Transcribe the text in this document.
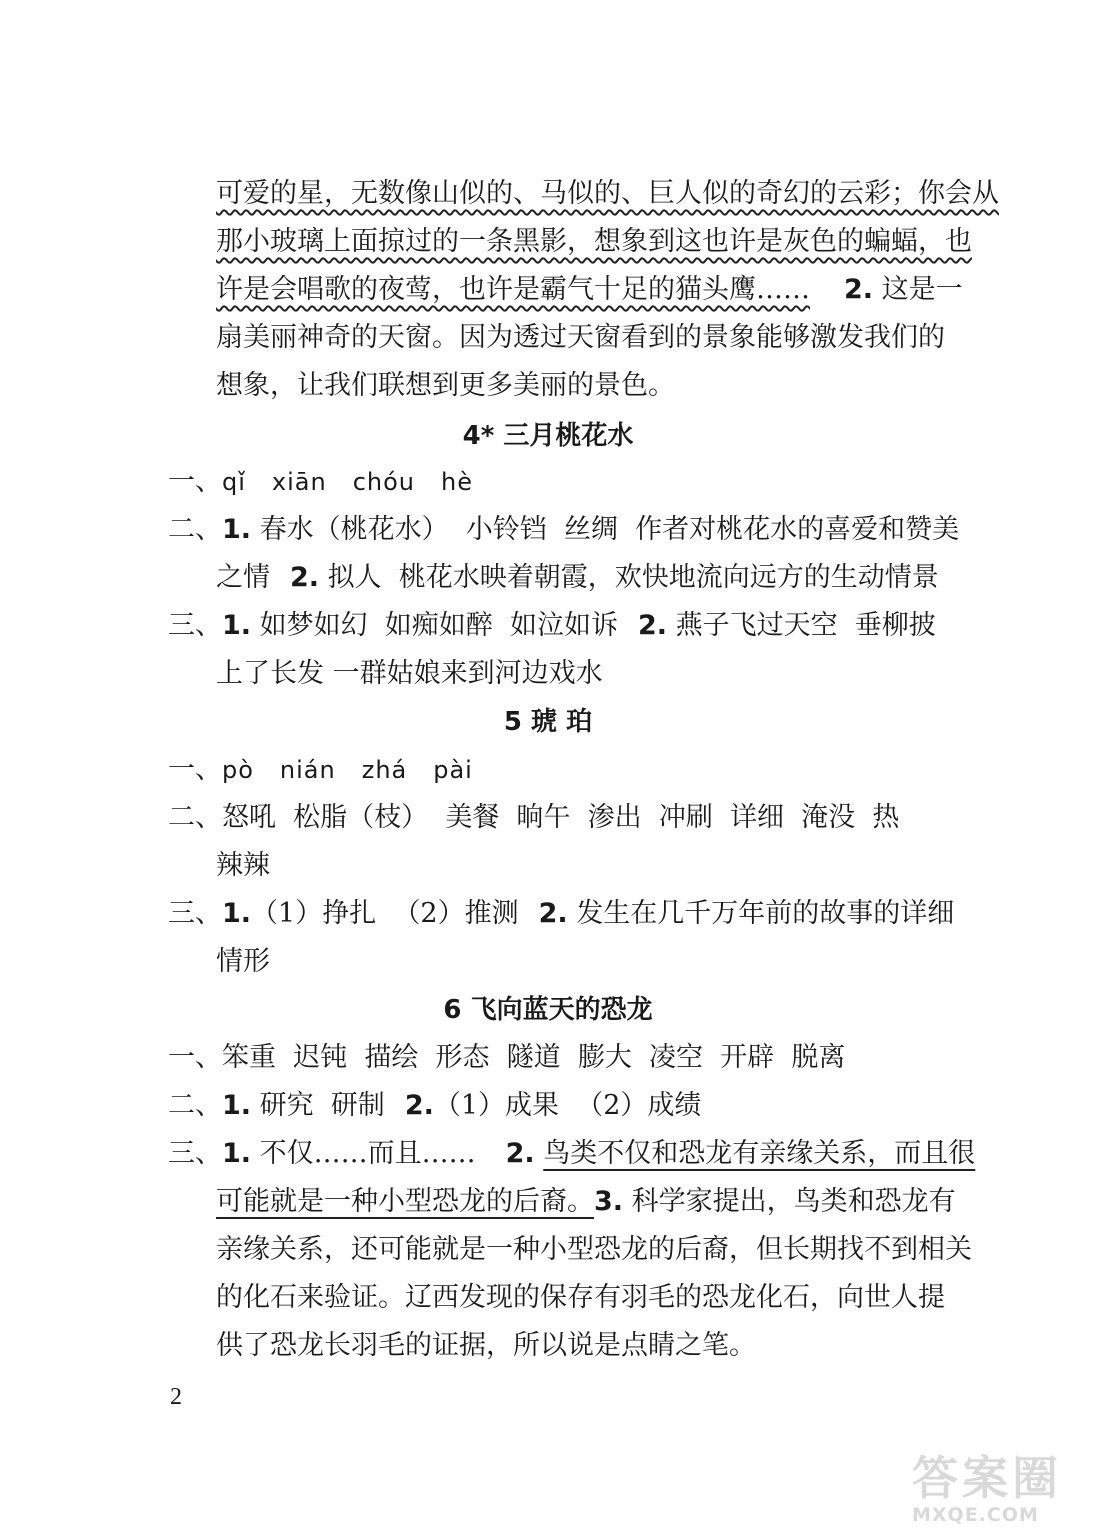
可爱的星，无数像山似的、马似的、巨人似的奇幻的云彩；你会从
那小玻璃上面掠过的一条黑影，想象到这也许是灰色的蝙蝠，也
许是会唱歌的夜莺，也许是霸气十足的猫头鹰…… 2. 这是一
扇美丽神奇的天窗。因为透过天窗看到的景象能够激发我们的
想象，让我们联想到更多美丽的景色。
4* 三月桃花水
一、qǐ xiān chóu hè
二、1. 春水（桃花水）  小铃铛  丝绸  作者对桃花水的喜爱和赞美
之情 2. 拟人  桃花水映着朝霞，欢快地流向远方的生动情景
三、1. 如梦如幻  如痴如醉  如泣如诉 2. 燕子飞过天空  垂柳披
上了长发 一群姑娘来到河边戏水
5 琥 珀
一、pò nián zhá pài
二、怒吼  松脂（枝）  美餐  晌午  渗出  冲刷  详细  淹没  热
辣辣
三、1.（1）挣扎  （2）推测 2. 发生在几千万年前的故事的详细
情形
6 飞向蓝天的恐龙
一、笨重  迟钝  描绘  形态  隧道  膨大  凌空  开辟  脱离
二、1. 研究  研制 2.（1）成果  （2）成绩
三、1. 不仅……而且…… 2. 鸟类不仅和恐龙有亲缘关系，而且很
可能就是一种小型恐龙的后裔。3. 科学家提出，鸟类和恐龙有
亲缘关系，还可能就是一种小型恐龙的后裔，但长期找不到相关
的化石来验证。辽西发现的保存有羽毛的恐龙化石，向世人提
供了恐龙长羽毛的证据，所以说是点睛之笔。
2
答案圈
MXQE.COM
